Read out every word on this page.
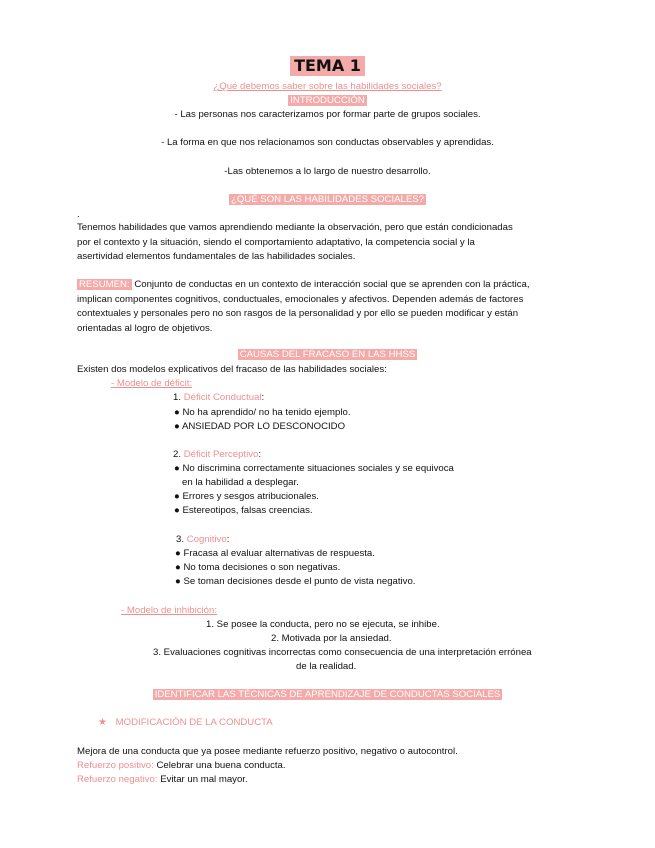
TEMA 1
¿Qué debemos saber sobre las habilidades sociales?
INTRODUCCIÓN
- Las personas nos caracterizamos por formar parte de grupos sociales.
- La forma en que nos relacionamos son conductas observables y aprendidas.
-Las obtenemos a lo largo de nuestro desarrollo.
¿QUÉ SON LAS HABILIDADES SOCIALES?
.
Tenemos habilidades que vamos aprendiendo mediante la observación, pero que están condicionadas
por el contexto y la situación, siendo el comportamiento adaptativo, la competencia social y la
asertividad elementos fundamentales de las habilidades sociales.
RESUMEN: Conjunto de conductas en un contexto de interacción social que se aprenden con la práctica,
implican componentes cognitivos, conductuales, emocionales y afectivos. Dependen además de factores
contextuales y personales pero no son rasgos de la personalidad y por ello se pueden modificar y están
orientadas al logro de objetivos.
CAUSAS DEL FRACASO EN LAS HHSS
Existen dos modelos explicativos del fracaso de las habilidades sociales:
- Modelo de déficit:
1. Déficit Conductual:
● No ha aprendido/ no ha tenido ejemplo.
● ANSIEDAD POR LO DESCONOCIDO
2. Déficit Perceptivo:
● No discrimina correctamente situaciones sociales y se equivoca
en la habilidad a desplegar.
● Errores y sesgos atribucionales.
● Estereotipos, falsas creencias.
3. Cognitivo:
● Fracasa al evaluar alternativas de respuesta.
● No toma decisiones o son negativas.
● Se toman decisiones desde el punto de vista negativo.
- Modelo de inhibición:
1. Se posee la conducta, pero no se ejecuta, se inhibe.
2. Motivada por la ansiedad.
3. Evaluaciones cognitivas incorrectas como consecuencia de una interpretación errónea
de la realidad.
IDENTIFICAR LAS TÉCNICAS DE APRENDIZAJE DE CONDUCTAS SOCIALES
★ MODIFICACIÓN DE LA CONDUCTA
Mejora de una conducta que ya posee mediante refuerzo positivo, negativo o autocontrol.
Refuerzo positivo: Celebrar una buena conducta.
Refuerzo negativo: Evitar un mal mayor.
